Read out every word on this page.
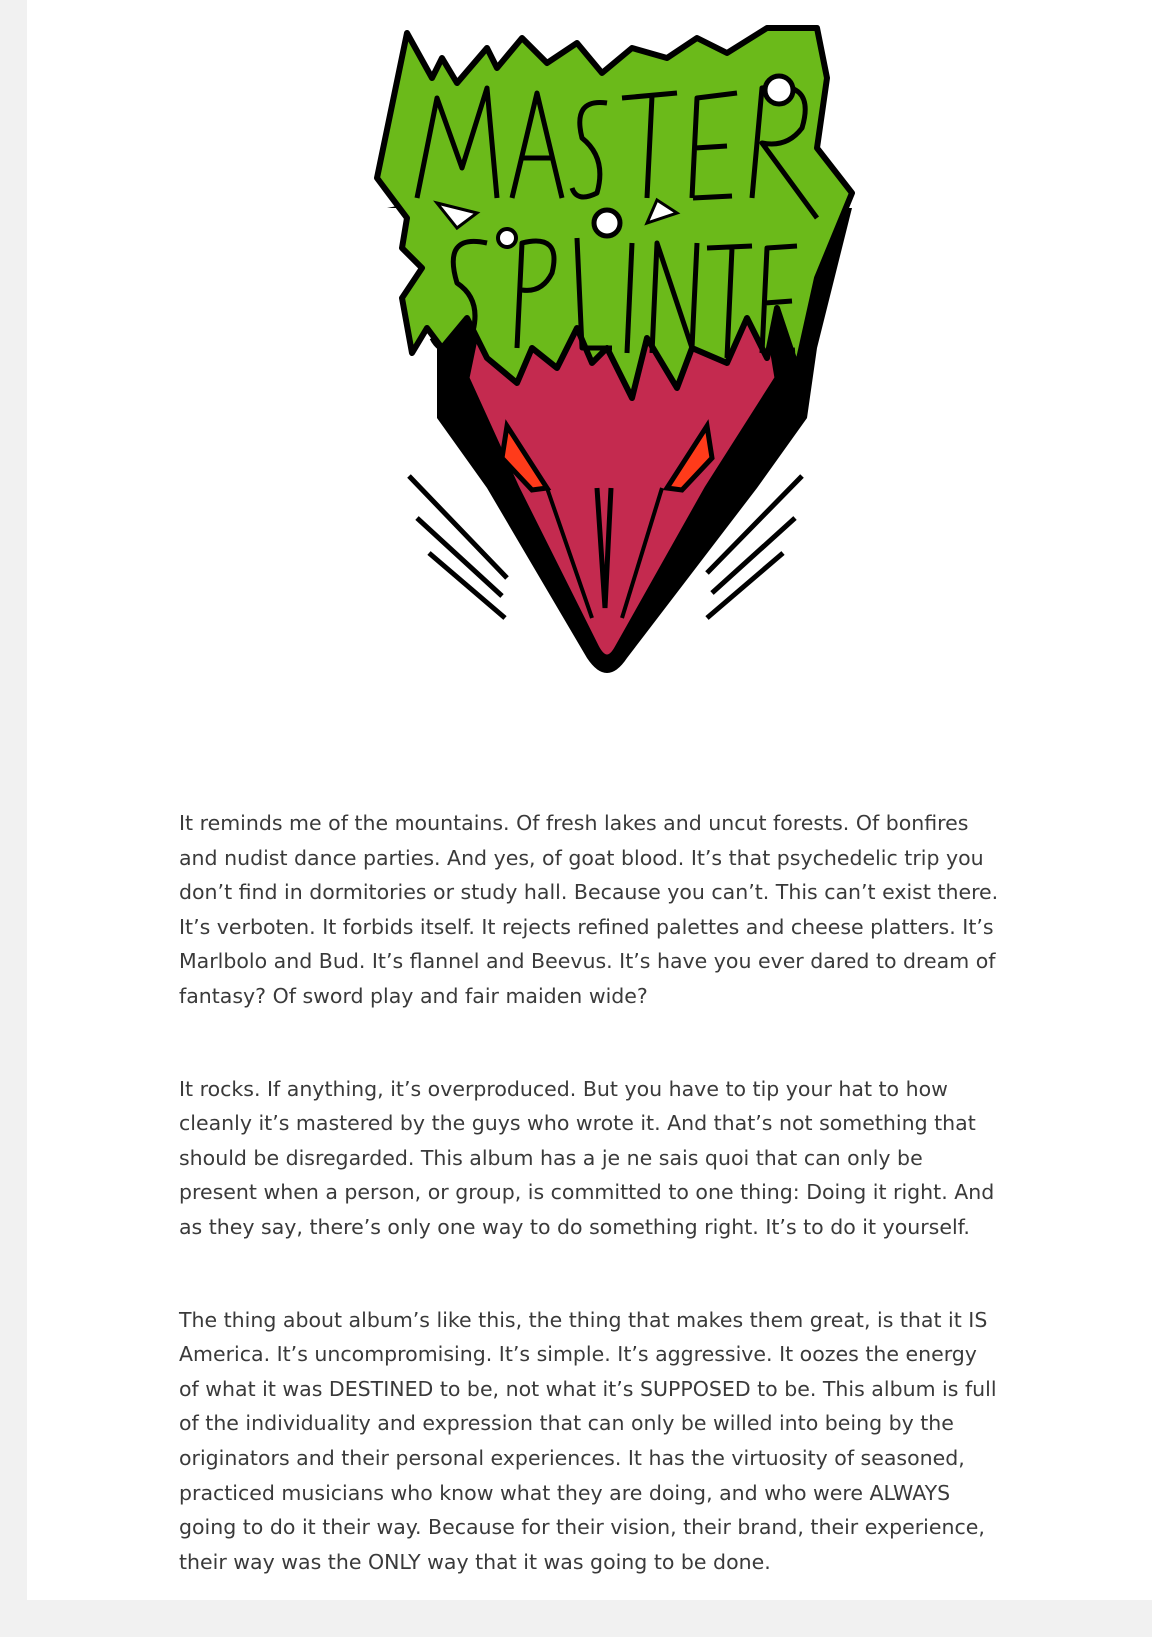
It reminds me of the mountains. Of fresh lakes and uncut forests. Of bonfires and nudist dance parties. And yes, of goat blood. It’s that psychedelic trip you don’t find in dormitories or study hall. Because you can’t. This can’t exist there. It’s verboten. It forbids itself. It rejects refined palettes and cheese platters. It’s Marlbolo and Bud. It’s flannel and Beevus. It’s have you ever dared to dream of fantasy? Of sword play and fair maiden wide?

It rocks. If anything, it’s overproduced. But you have to tip your hat to how cleanly it’s mastered by the guys who wrote it. And that’s not something that should be disregarded. This album has a je ne sais quoi that can only be present when a person, or group, is committed to one thing: Doing it right. And as they say, there’s only one way to do something right. It’s to do it yourself.

The thing about album’s like this, the thing that makes them great, is that it IS America. It’s uncompromising. It’s simple. It’s aggressive. It oozes the energy of what it was DESTINED to be, not what it’s SUPPOSED to be. This album is full of the individuality and expression that can only be willed into being by the originators and their personal experiences. It has the virtuosity of seasoned, practiced musicians who know what they are doing, and who were ALWAYS going to do it their way. Because for their vision, their brand, their experience, their way was the ONLY way that it was going to be done.
